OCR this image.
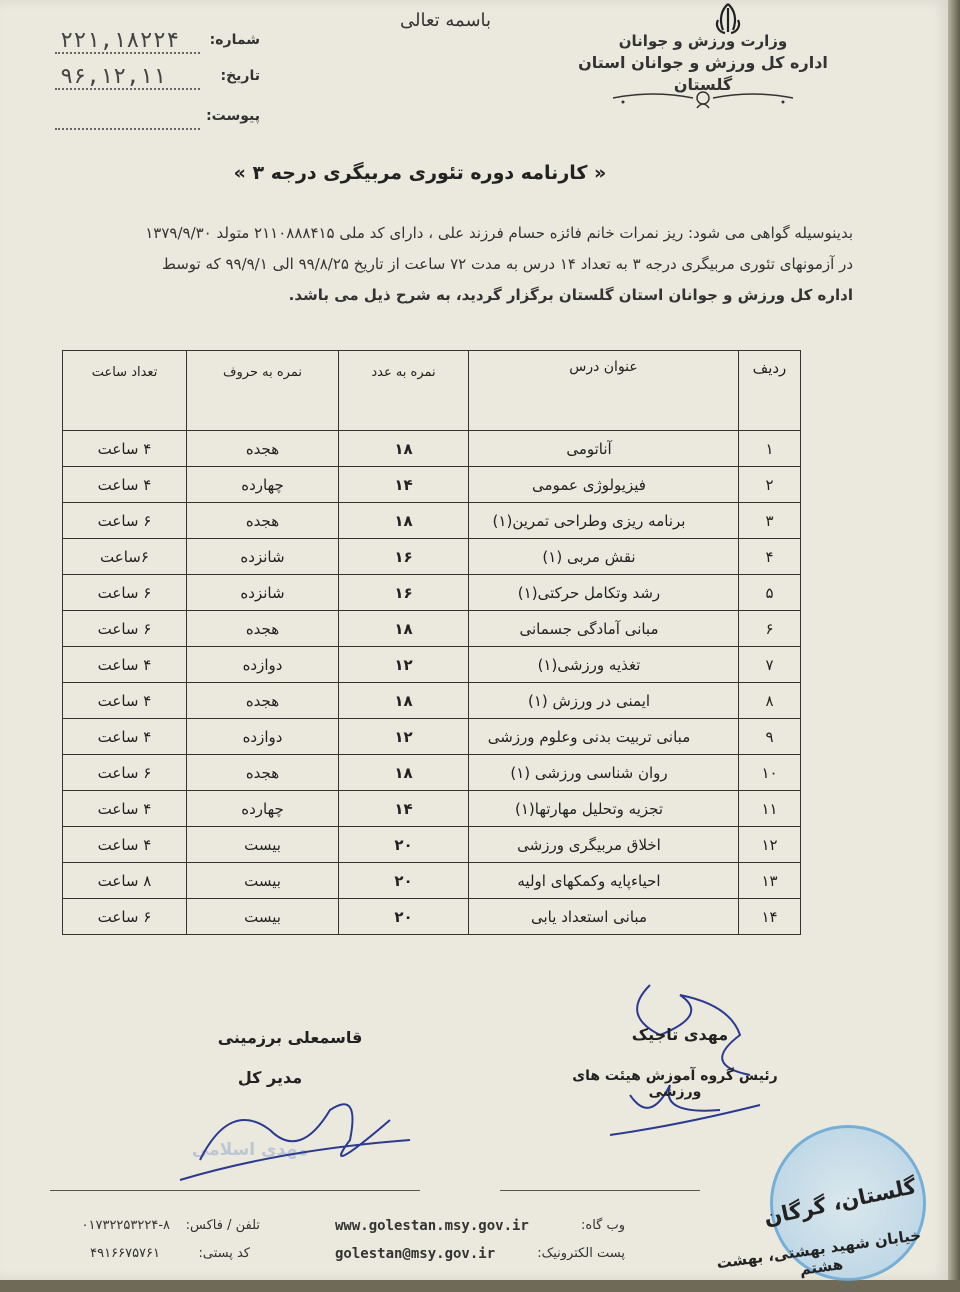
وزارت ورزش و جوانان
اداره کل ورزش و جوانان استان گلستان
باسمه تعالی
شماره:
۲۲۱,۱۸۲۲۴
تاریخ:
۹۶,۱۲,۱۱
پیوست:
« کارنامه دوره تئوری مربیگری درجه ۳ »
بدینوسیله گواهی می شود: ریز نمرات خانم فائزه حسام فرزند علی ، دارای کد ملی ۲۱۱۰۸۸۸۴۱۵ متولد ۱۳۷۹/۹/۳۰
در آزمونهای تئوری مربیگری درجه ۳ به تعداد ۱۴ درس به مدت ۷۲ ساعت از تاریخ ۹۹/۸/۲۵ الی ۹۹/۹/۱ که توسط
اداره کل ورزش و جوانان استان گلستان برگزار گردید، به شرح ذیل می باشد.
ردیف	عنوان درس	نمره به عدد	نمره به حروف	تعداد ساعت
۱	آناتومی	۱۸	هجده	۴ ساعت
۲	فیزیولوژی عمومی	۱۴	چهارده	۴ ساعت
۳	برنامه ریزی وطراحی تمرین(۱)	۱۸	هجده	۶ ساعت
۴	نقش مربی (۱)	۱۶	شانزده	۶ساعت
۵	رشد وتکامل حرکتی(۱)	۱۶	شانزده	۶ ساعت
۶	مبانی آمادگی جسمانی	۱۸	هجده	۶ ساعت
۷	تغذیه ورزشی(۱)	۱۲	دوازده	۴ ساعت
۸	ایمنی در ورزش (۱)	۱۸	هجده	۴ ساعت
۹	مبانی تربیت بدنی وعلوم ورزشی	۱۲	دوازده	۴ ساعت
۱۰	روان شناسی ورزشی (۱)	۱۸	هجده	۶ ساعت
۱۱	تجزیه وتحلیل مهارتها(۱)	۱۴	چهارده	۴ ساعت
۱۲	اخلاق مربیگری ورزشی	۲۰	بیست	۴ ساعت
۱۳	احیاءپایه وکمکهای اولیه	۲۰	بیست	۸ ساعت
۱۴	مبانی استعداد یابی	۲۰	بیست	۶ ساعت
مهدی تاجیک
رئیس گروه آموزش هیئت های ورزشی
قاسمعلی برزمینی
مدیر کل
مهدی اسلامی
گلستان، گرگان
خیابان شهید بهشتی، بهشت هشتم
وب گاه:
www.golestan.msy.gov.ir
پست الکترونیک:
golestan@msy.gov.ir
تلفن / فاکس:
۰۱۷۳۲۲۵۳۲۲۴-۸
کد پستی:
۴۹۱۶۶۷۵۷۶۱
